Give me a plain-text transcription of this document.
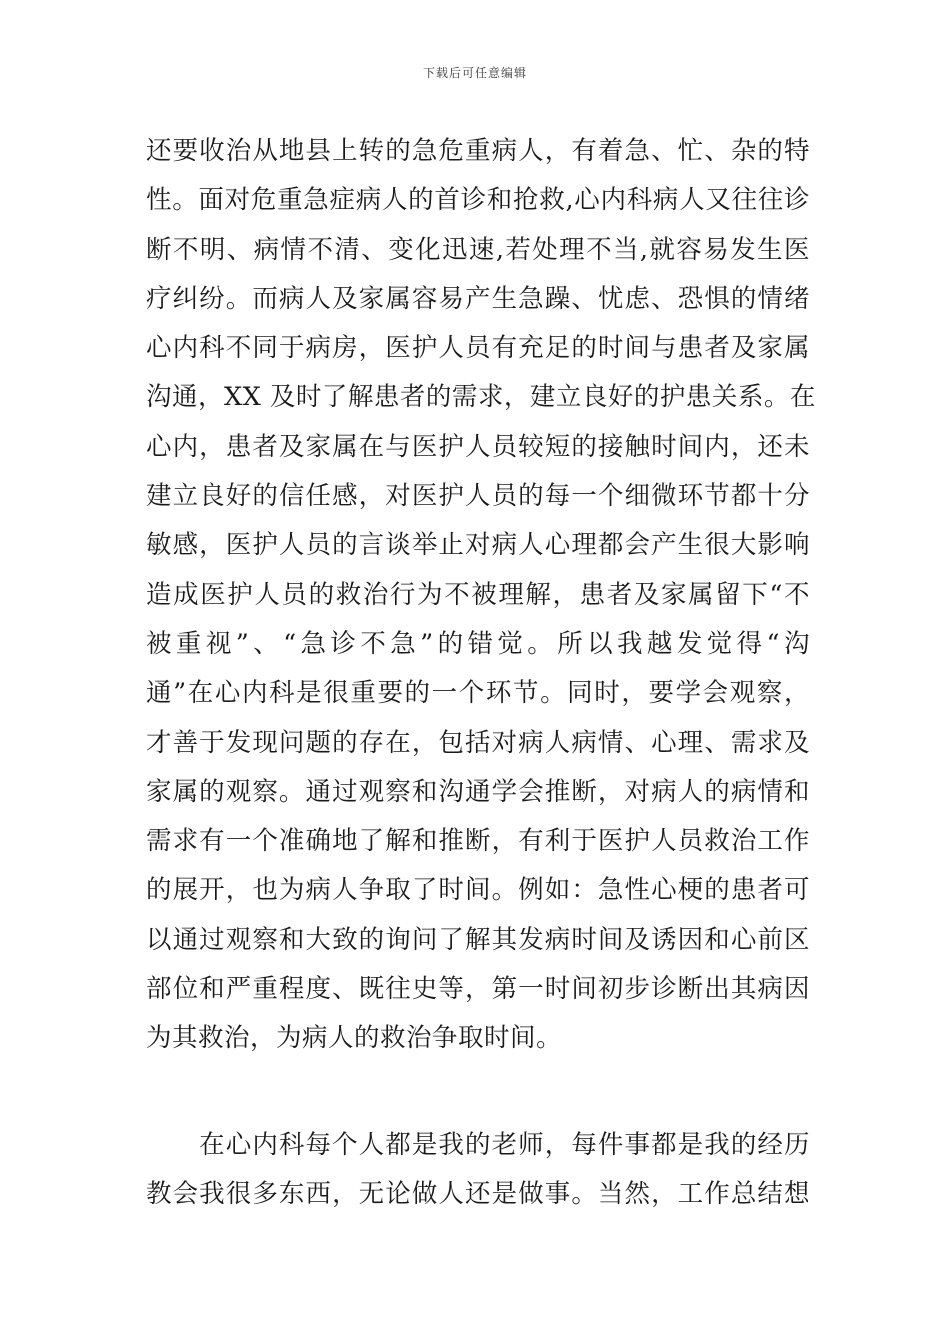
下载后可任意编辑
还要收治从地县上转的急危重病人，有着急、忙、杂的特
性。面对危重急症病人的首诊和抢救,心内科病人又往往诊
断不明、病情不清、变化迅速,若处理不当,就容易发生医
疗纠纷。而病人及家属容易产生急躁、忧虑、恐惧的情绪
心内科不同于病房，医护人员有充足的时间与患者及家属
沟通，XX 及时了解患者的需求，建立良好的护患关系。在
心内，患者及家属在与医护人员较短的接触时间内，还未
建立良好的信任感，对医护人员的每一个细微环节都十分
敏感，医护人员的言谈举止对病人心理都会产生很大影响
造成医护人员的救治行为不被理解，患者及家属留下“不
被重视”、“急诊不急”的错觉。所以我越发觉得“沟
通”在心内科是很重要的一个环节。同时，要学会观察，
才善于发现问题的存在，包括对病人病情、心理、需求及
家属的观察。通过观察和沟通学会推断，对病人的病情和
需求有一个准确地了解和推断，有利于医护人员救治工作
的展开，也为病人争取了时间。例如：急性心梗的患者可
以通过观察和大致的询问了解其发病时间及诱因和心前区
部位和严重程度、既往史等，第一时间初步诊断出其病因
为其救治，为病人的救治争取时间。
　　在心内科每个人都是我的老师，每件事都是我的经历
教会我很多东西，无论做人还是做事。当然，工作总结想
